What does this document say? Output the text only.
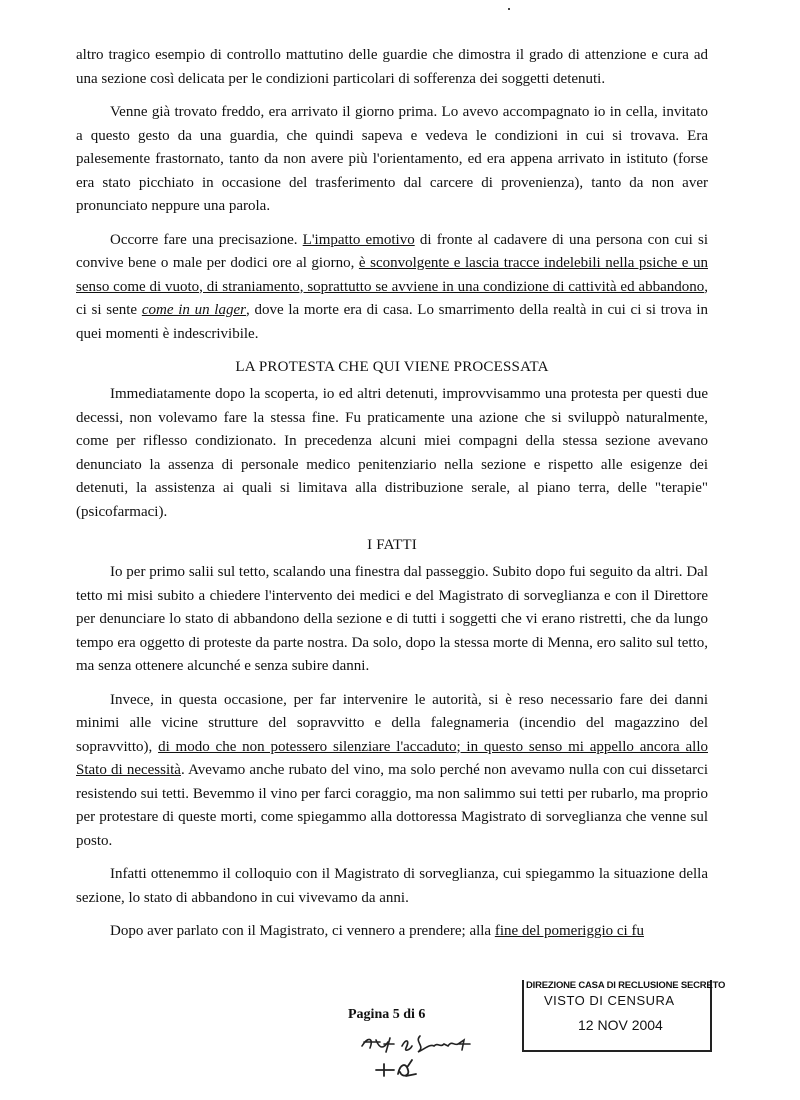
altro tragico esempio di controllo mattutino delle guardie che dimostra il grado di attenzione e cura ad una sezione così delicata per le condizioni particolari di sofferenza dei soggetti detenuti.

Venne già trovato freddo, era arrivato il giorno prima. Lo avevo accompagnato io in cella, invitato a questo gesto da una guardia, che quindi sapeva e vedeva le condizioni in cui si trovava. Era palesemente frastornato, tanto da non avere più l'orientamento, ed era appena arrivato in istituto (forse era stato picchiato in occasione del trasferimento dal carcere di provenienza), tanto da non aver pronunciato neppure una parola.

Occorre fare una precisazione. L'impatto emotivo di fronte al cadavere di una persona con cui si convive bene o male per dodici ore al giorno, è sconvolgente e lascia tracce indelebili nella psiche e un senso come di vuoto, di straniamento, soprattutto se avviene in una condizione di cattività ed abbandono, ci si sente come in un lager, dove la morte era di casa. Lo smarrimento della realtà in cui ci si trova in quei momenti è indescrivibile.

LA PROTESTA CHE QUI VIENE PROCESSATA

Immediatamente dopo la scoperta, io ed altri detenuti, improvvisammo una protesta per questi due decessi, non volevamo fare la stessa fine. Fu praticamente una azione che si sviluppò naturalmente, come per riflesso condizionato. In precedenza alcuni miei compagni della stessa sezione avevano denunciato la assenza di personale medico penitenziario nella sezione e rispetto alle esigenze dei detenuti, la assistenza ai quali si limitava alla distribuzione serale, al piano terra, delle "terapie" (psicofarmaci).

I FATTI

Io per primo salii sul tetto, scalando una finestra dal passeggio. Subito dopo fui seguito da altri. Dal tetto mi misi subito a chiedere l'intervento dei medici e del Magistrato di sorveglianza e con il Direttore per denunciare lo stato di abbandono della sezione e di tutti i soggetti che vi erano ristretti, che da lungo tempo era oggetto di proteste da parte nostra. Da solo, dopo la stessa morte di Menna, ero salito sul tetto, ma senza ottenere alcunché e senza subire danni.

Invece, in questa occasione, per far intervenire le autorità, si è reso necessario fare dei danni minimi alle vicine strutture del sopravvitto e della falegnameria (incendio del magazzino del sopravvitto), di modo che non potessero silenziare l'accaduto; in questo senso mi appello ancora allo Stato di necessità. Avevamo anche rubato del vino, ma solo perché non avevamo nulla con cui dissetarci resistendo sui tetti. Bevemmo il vino per farci coraggio, ma non salimmo sui tetti per rubarlo, ma proprio per protestare di queste morti, come spiegammo alla dottoressa Magistrato di sorveglianza che venne sul posto.

Infatti ottenemmo il colloquio con il Magistrato di sorveglianza, cui spiegammo la situazione della sezione, lo stato di abbandono in cui vivevamo da anni.

Dopo aver parlato con il Magistrato, ci vennero a prendere; alla fine del pomeriggio ci fu

Pagina 5 di 6
DIREZIONE CASA DI RECLUSIONE SECRETO
VISTO DI CENSURA
12 NOV 2004
